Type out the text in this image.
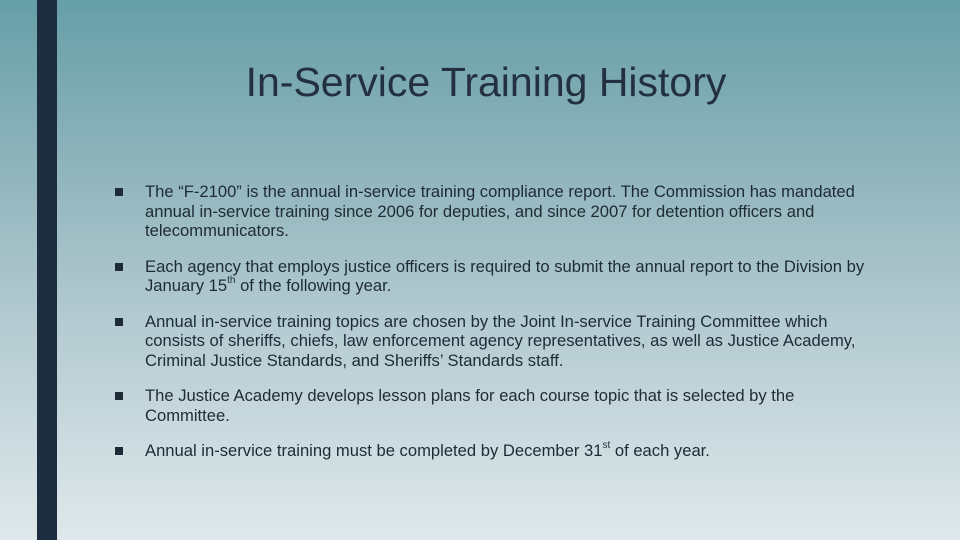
In-Service Training History
The “F-2100” is the annual in-service training compliance report. The Commission has mandated annual in-service training since 2006 for deputies, and since 2007 for detention officers and telecommunicators.
Each agency that employs justice officers is required to submit the annual report to the Division by January 15th of the following year.
Annual in-service training topics are chosen by the Joint In-service Training Committee which consists of sheriffs, chiefs, law enforcement agency representatives, as well as Justice Academy, Criminal Justice Standards, and Sheriffs’ Standards staff.
The Justice Academy develops lesson plans for each course topic that is selected by the Committee.
Annual in-service training must be completed by December 31st of each year.
